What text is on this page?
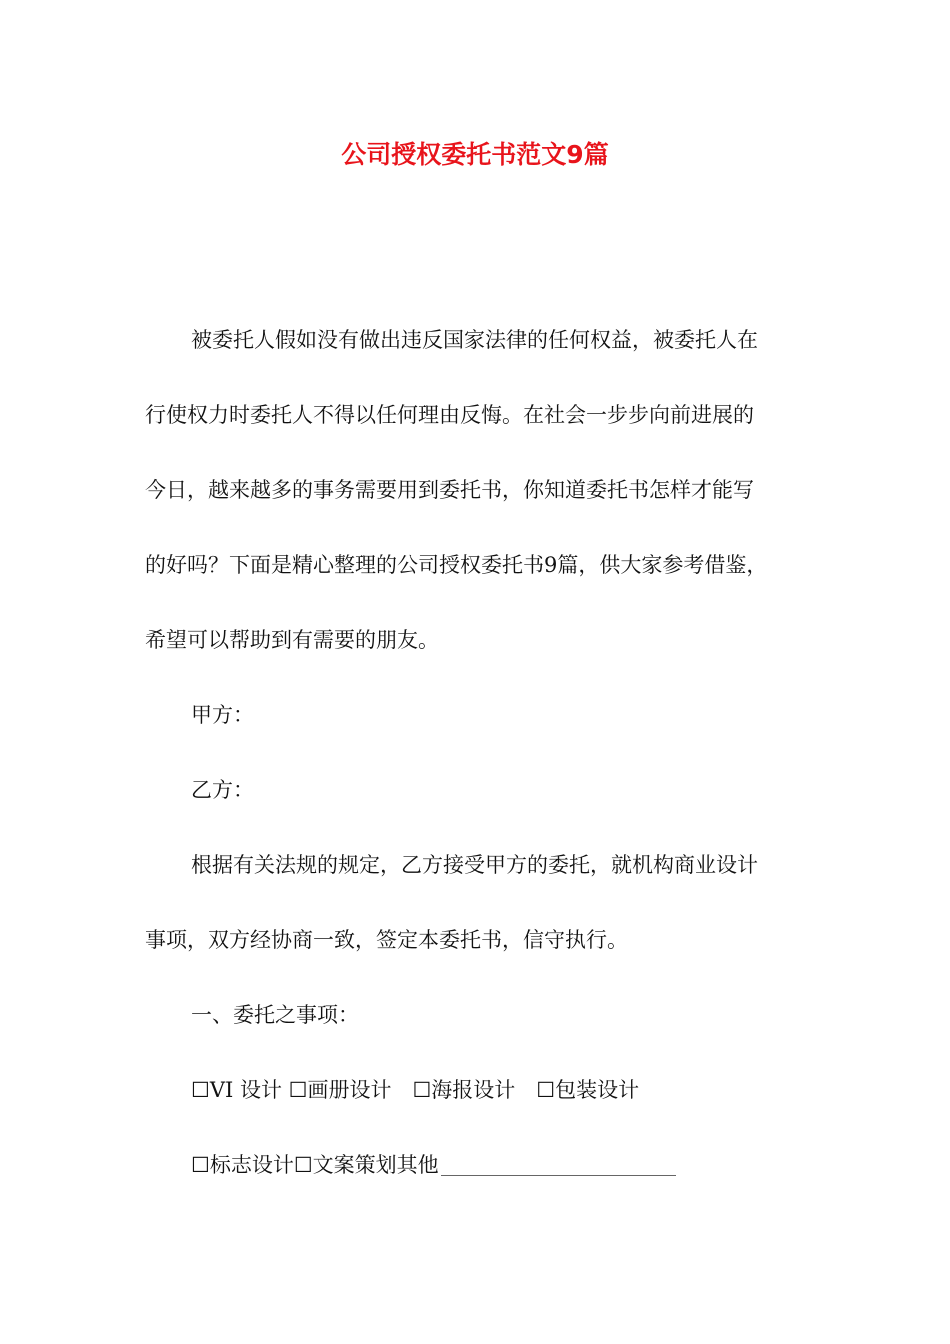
公司授权委托书范文9篇
被委托人假如没有做出违反国家法律的任何权益，被委托人在
行使权力时委托人不得以任何理由反悔。在社会一步步向前进展的
今日，越来越多的事务需要用到委托书，你知道委托书怎样才能写
的好吗？下面是精心整理的公司授权委托书9篇，供大家参考借鉴，
希望可以帮助到有需要的朋友。
甲方：
乙方：
根据有关法规的规定，乙方接受甲方的委托，就机构商业设计
事项，双方经协商一致，签定本委托书，信守执行。
一、委托之事项：
☐VI 设计 ☐画册设计　☐海报设计　☐包装设计
☐标志设计☐文案策划其他
